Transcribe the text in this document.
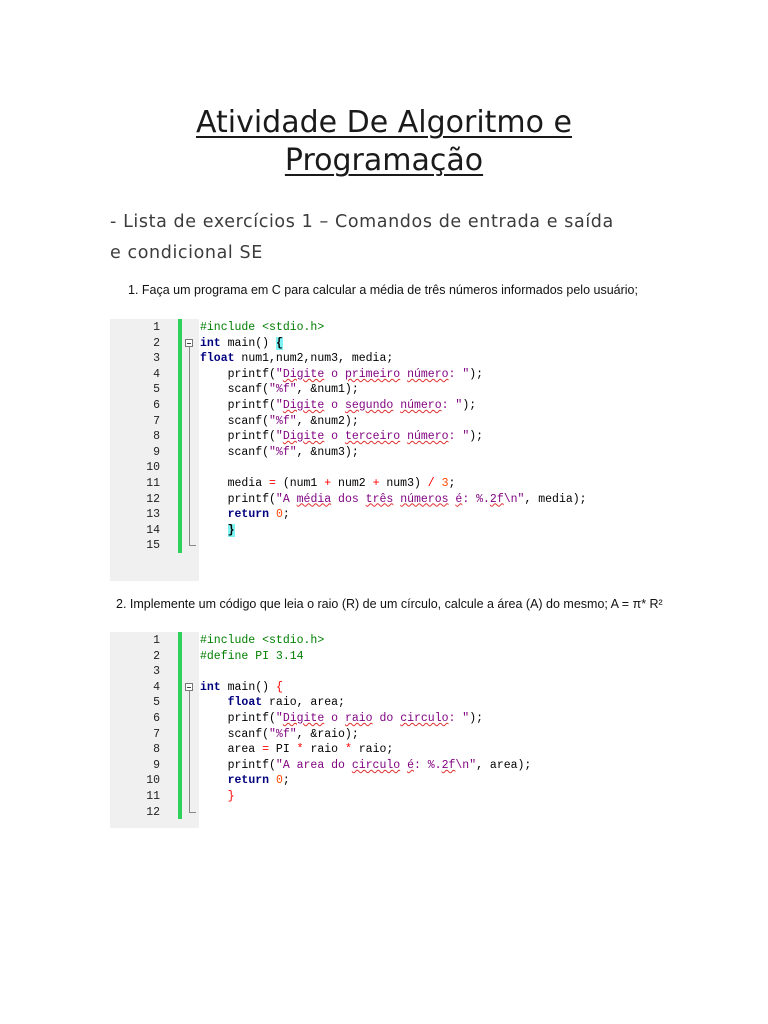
Atividade De Algoritmo e
Programação
- Lista de exercícios 1 – Comandos de entrada e saída
e condicional SE
1. Faça um programa em C para calcular a média de três números informados pelo usuário;
1	#include <stdio.h>
2	int main() {
3	float num1,num2,num3, media;
4	printf("Digite o primeiro número: ");
5	scanf("%f", &num1);
6	printf("Digite o segundo número: ");
7	scanf("%f", &num2);
8	printf("Digite o terceiro número: ");
9	scanf("%f", &num3);
10
11	media = (num1 + num2 + num3) / 3;
12	printf("A média dos três números é: %.2f\n", media);
13	return 0;
14	}
15
2. Implemente um código que leia o raio (R) de um círculo, calcule a área (A) do mesmo; A = π* R²
1	#include <stdio.h>
2	#define PI 3.14
3
4	int main() {
5	float raio, area;
6	printf("Digite o raio do circulo: ");
7	scanf("%f", &raio);
8	area = PI * raio * raio;
9	printf("A area do circulo é: %.2f\n", area);
10	return 0;
11	}
12
